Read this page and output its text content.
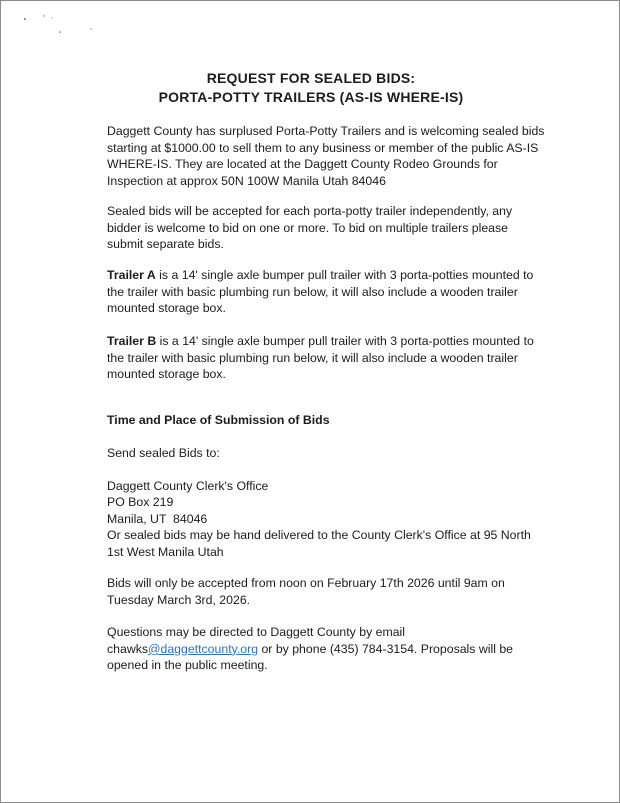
REQUEST FOR SEALED BIDS:
PORTA-POTTY TRAILERS (AS-IS WHERE-IS)

Daggett County has surplused Porta-Potty Trailers and is welcoming sealed bids starting at $1000.00 to sell them to any business or member of the public AS-IS WHERE-IS. They are located at the Daggett County Rodeo Grounds for Inspection at approx 50N 100W Manila Utah 84046

Sealed bids will be accepted for each porta-potty trailer independently, any bidder is welcome to bid on one or more. To bid on multiple trailers please submit separate bids.

Trailer A is a 14' single axle bumper pull trailer with 3 porta-potties mounted to the trailer with basic plumbing run below, it will also include a wooden trailer mounted storage box.

Trailer B is a 14' single axle bumper pull trailer with 3 porta-potties mounted to the trailer with basic plumbing run below, it will also include a wooden trailer mounted storage box.

Time and Place of Submission of Bids

Send sealed Bids to:

Daggett County Clerk's Office

PO Box 219

Manila, UT  84046

Or sealed bids may be hand delivered to the County Clerk's Office at 95 North 1st West Manila Utah

Bids will only be accepted from noon on February 17th 2026 until 9am on Tuesday March 3rd, 2026.

Questions may be directed to Daggett County by email chawks@daggettcounty.org or by phone (435) 784-3154. Proposals will be opened in the public meeting.
